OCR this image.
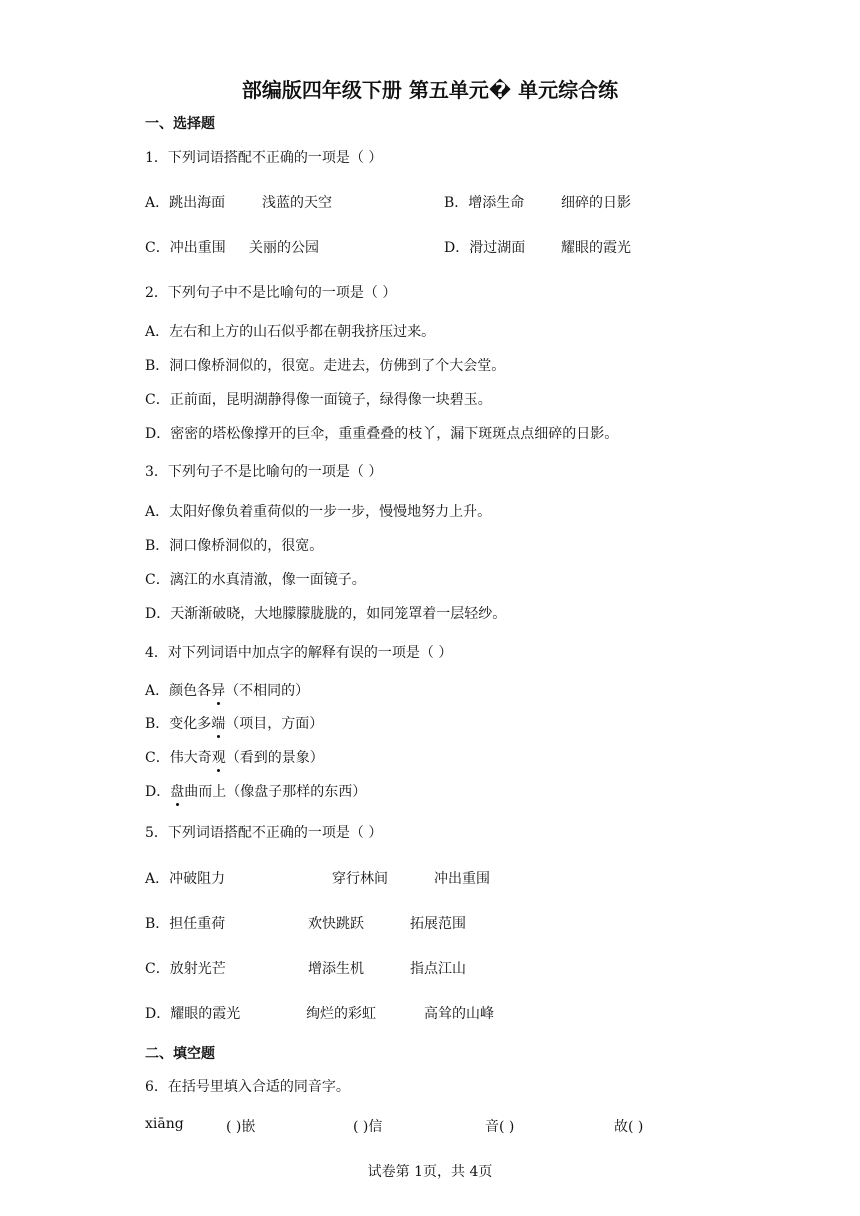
部编版四年级下册 第五单元� 单元综合练
一、选择题
1．下列词语搭配不正确的一项是（ ）
A．跳出海面	浅蓝的天空	B．增添生命	细碎的日影
C．冲出重围 关丽的公园	D．滑过湖面	耀眼的霞光
2．下列句子中不是比喻句的一项是（ ）
A．左右和上方的山石似乎都在朝我挤压过来。
B．洞口像桥洞似的，很宽。走进去，仿佛到了个大会堂。
C．正前面，昆明湖静得像一面镜子，绿得像一块碧玉。
D．密密的塔松像撑开的巨伞，重重叠叠的枝丫，漏下斑斑点点细碎的日影。
3．下列句子不是比喻句的一项是（ ）
A．太阳好像负着重荷似的一步一步，慢慢地努力上升。
B．洞口像桥洞似的，很宽。
C．漓江的水真清澈，像一面镜子。
D．天渐渐破晓，大地朦朦胧胧的，如同笼罩着一层轻纱。
4．对下列词语中加点字的解释有误的一项是（ ）
A．颜色各异（不相同的）
B．变化多端（项目，方面）
C．伟大奇观（看到的景象）
D．盘曲而上（像盘子那样的东西）
5．下列词语搭配不正确的一项是（ ）
A．冲破阻力	穿行林间	冲出重围
B．担任重荷	欢快跳跃	拓展范围
C．放射光芒	增添生机	指点江山
D．耀眼的霞光	绚烂的彩虹	高耸的山峰
二、填空题
6．在括号里填入合适的同音字。
xiāng	( )嵌	( )信	音( )	故( )
试卷第 1页，共 4页
